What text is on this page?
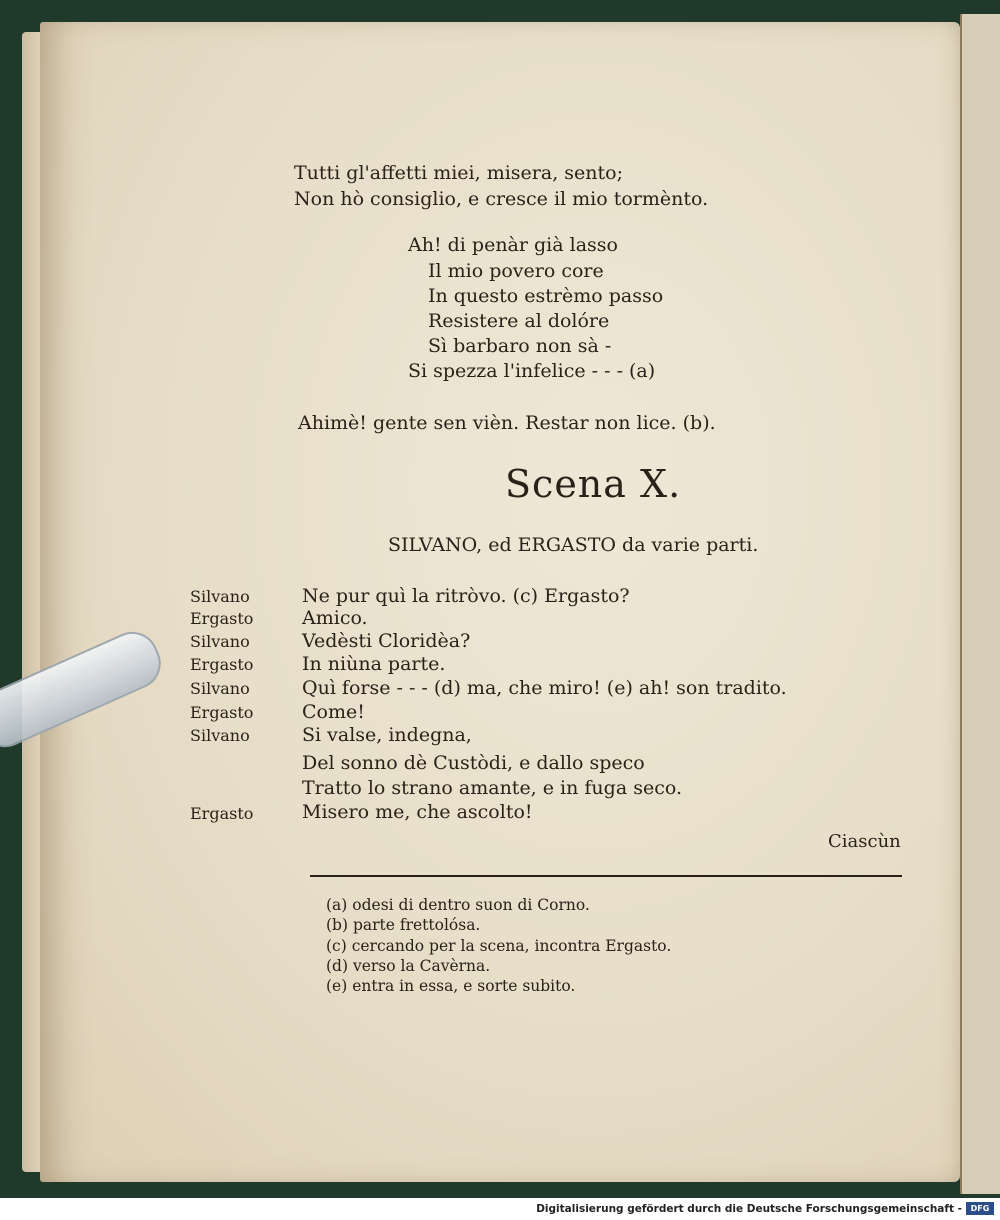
Tutti gl'affetti miei, misera, sento;
Non hò consiglio, e cresce il mio tormènto.
Ah! di penàr già lasso
Il mio povero core
In questo estrèmo passo
Resistere al dolóre
Sì barbaro non sà -
Si spezza l'infelice - - - (a)
Ahimè! gente sen vièn. Restar non lice. (b).
Scena X.
SILVANO, ed ERGASTO da varie parti.
Silvano	Ne pur quì la ritròvo. (c) Ergasto?
Ergasto	Amico.
Silvano	Vedèsti Cloridèa?
Ergasto	In niùna parte.
Silvano	Quì forse - - - (d) ma, che miro! (e) ah! son tradito.
Ergasto	Come!
Silvano	Si valse, indegna,
Del sonno dè Custòdi, e dallo speco
Tratto lo strano amante, e in fuga seco.
Ergasto	Misero me, che ascolto!
Ciascùn
(a) odesi di dentro suon di Corno.
(b) parte frettolósa.
(c) cercando per la scena, incontra Ergasto.
(d) verso la Cavèrna.
(e) entra in essa, e sorte subito.
Digitalisierung gefördert durch die Deutsche Forschungsgemeinschaft -	DFG
